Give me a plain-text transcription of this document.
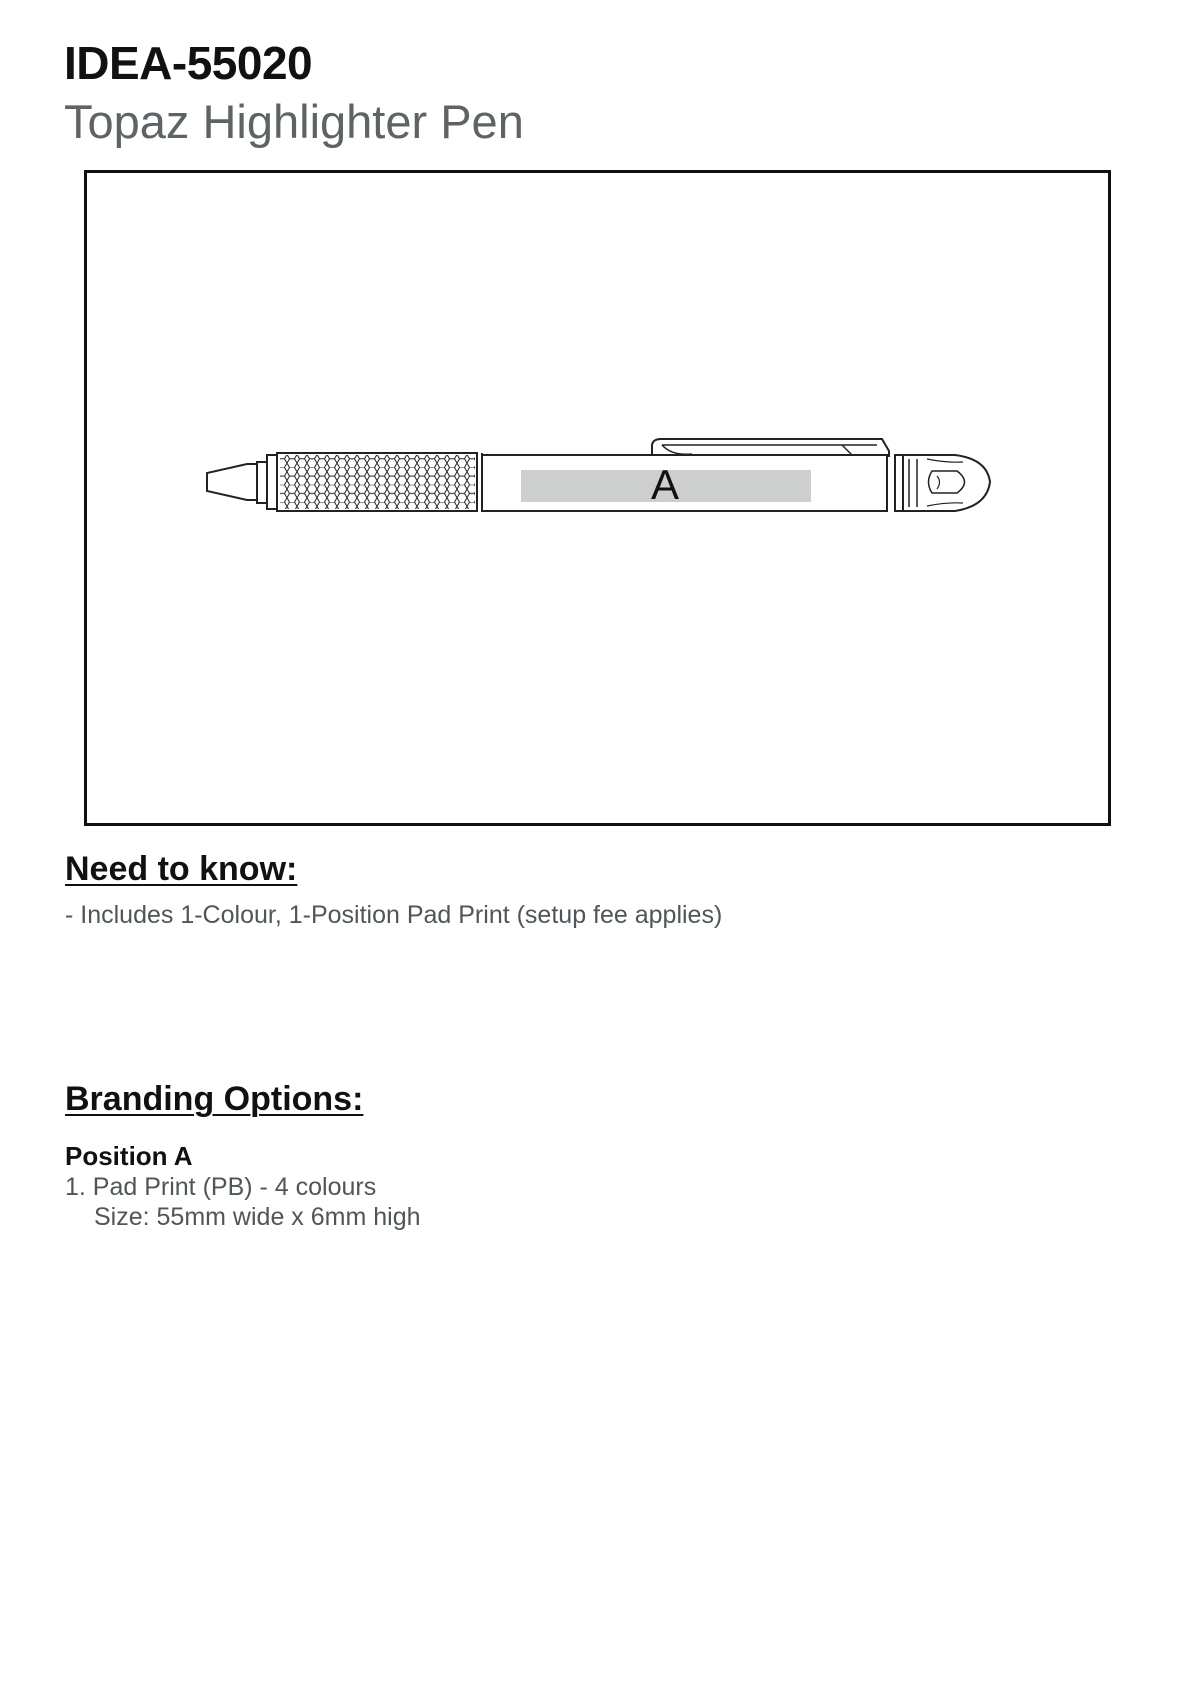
IDEA-55020
Topaz Highlighter Pen
A
Need to know:
- Includes 1-Colour, 1-Position Pad Print (setup fee applies)
Branding Options:
Position A
1. Pad Print (PB) - 4 colours
Size: 55mm wide x 6mm high
